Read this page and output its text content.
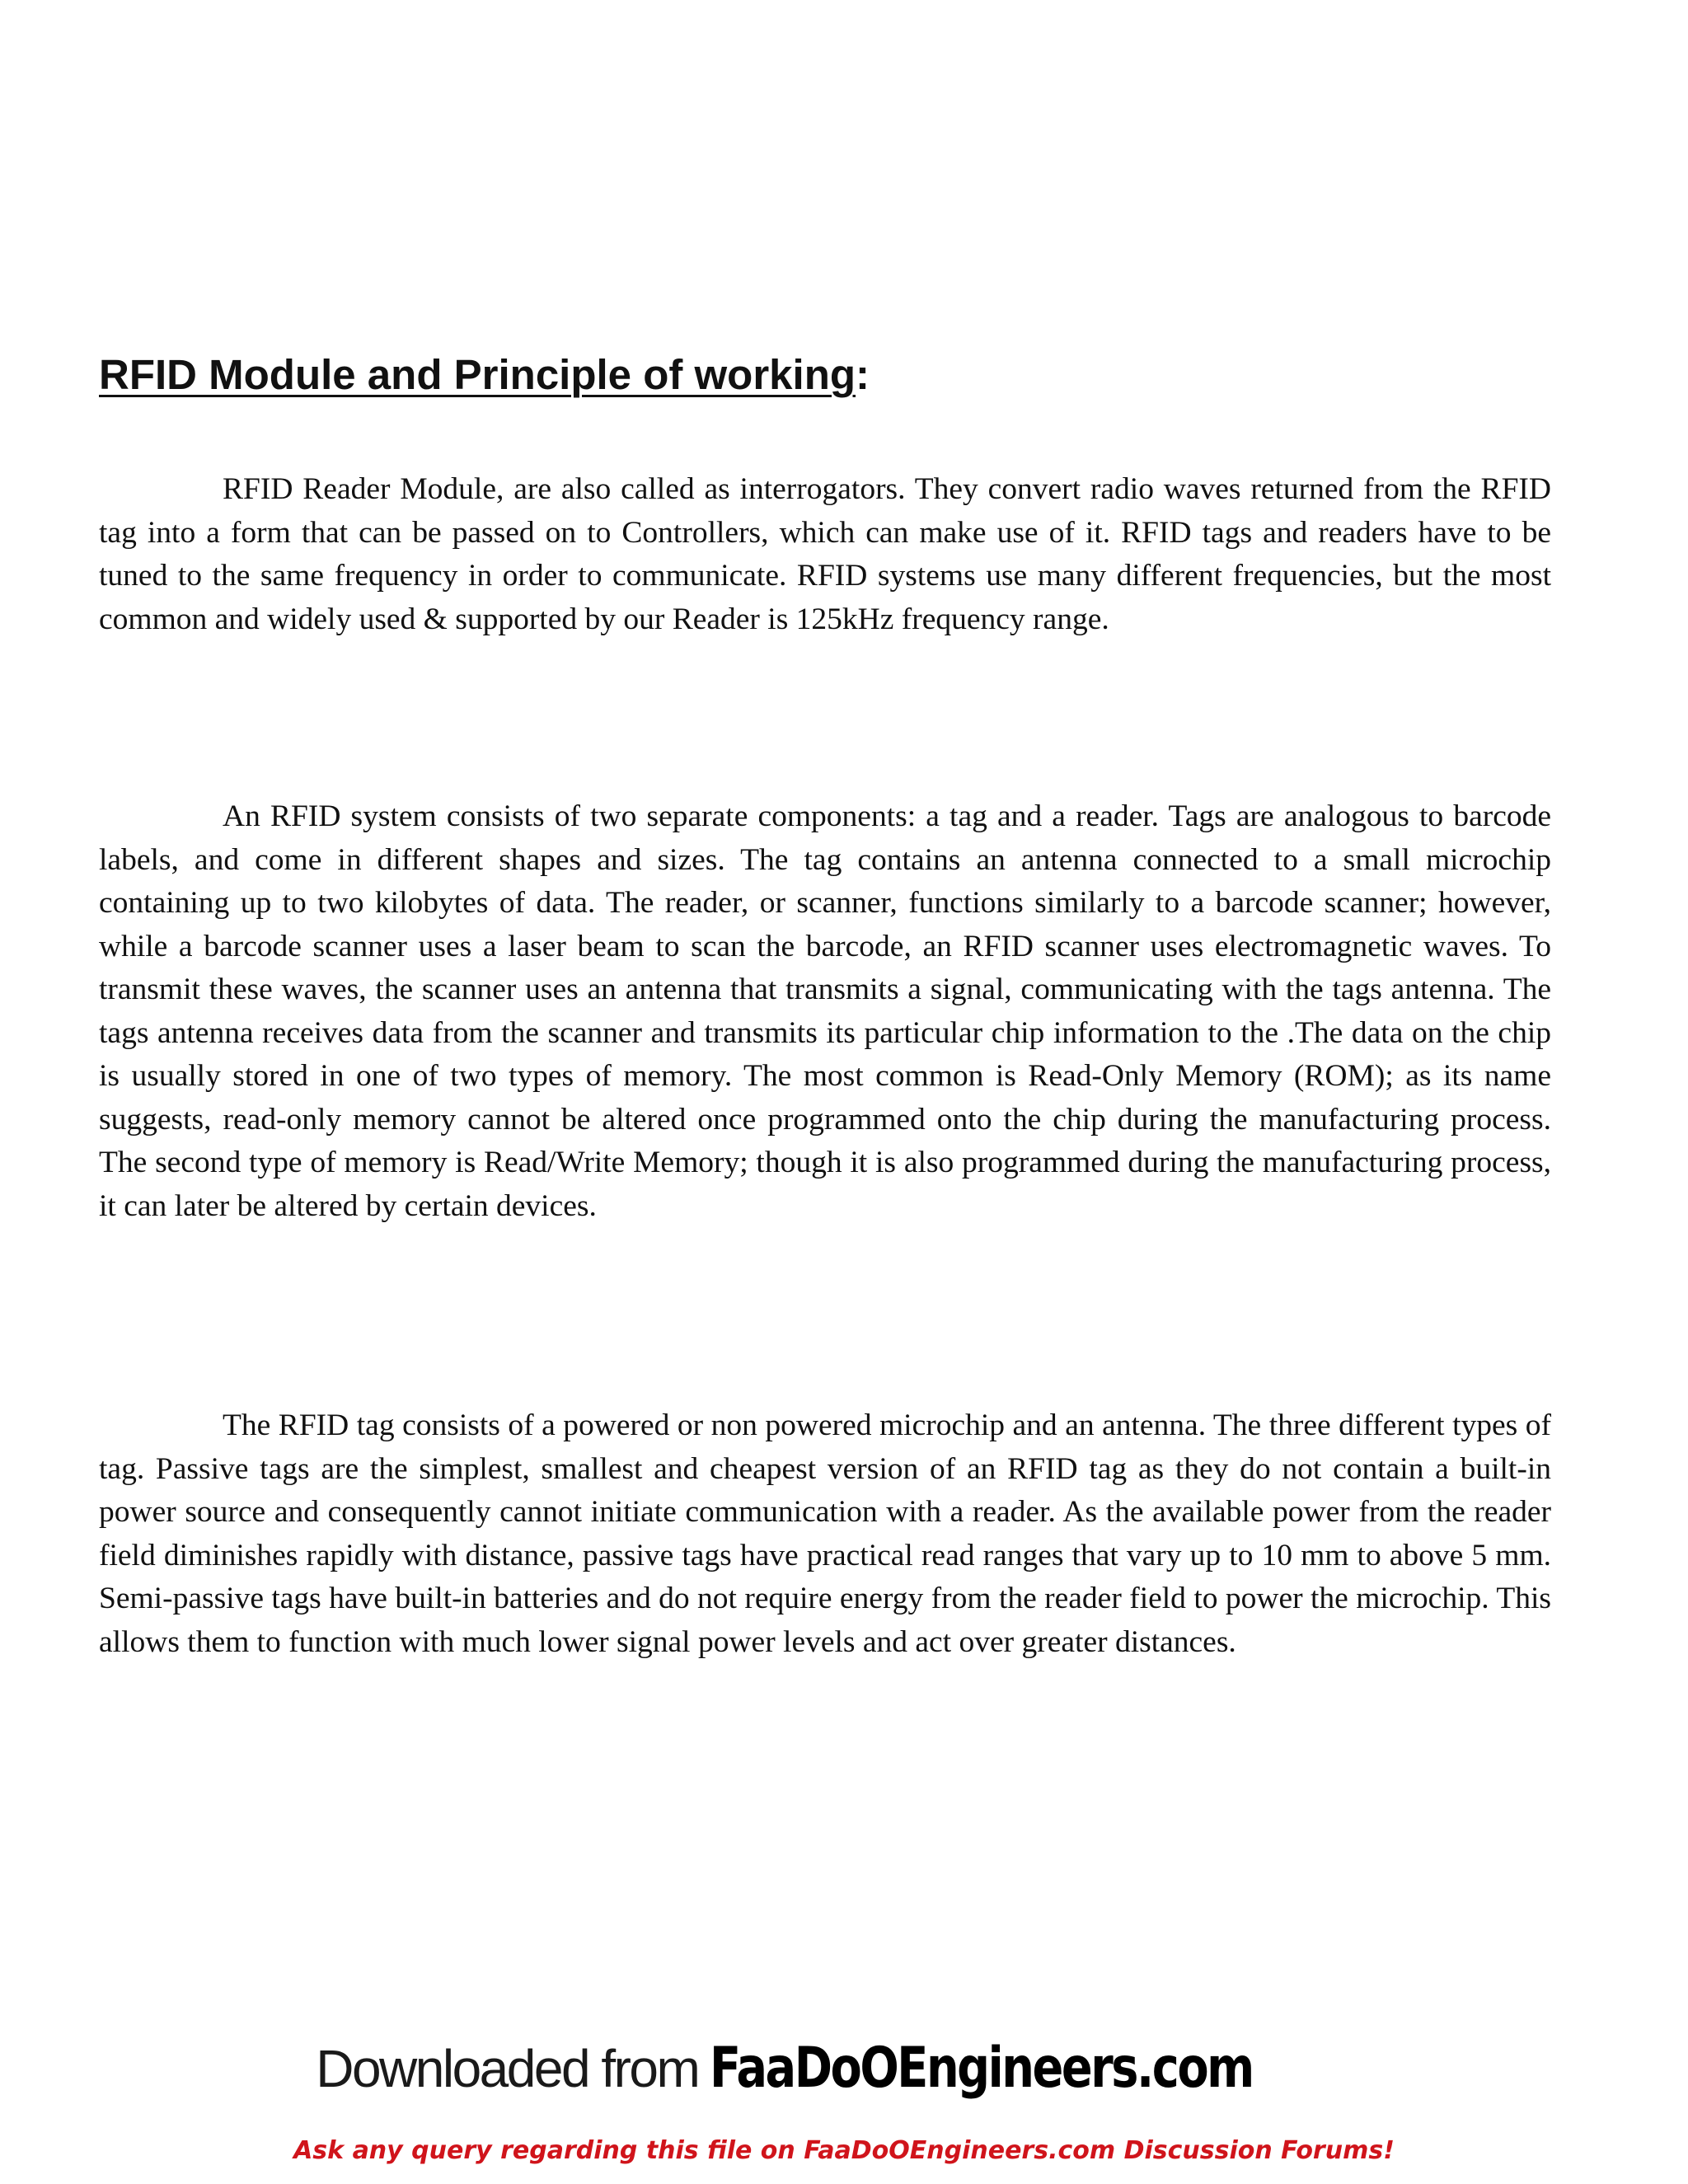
RFID Module and Principle of working:

RFID Reader Module, are also called as interrogators. They convert radio waves returned from the RFID tag into a form that can be passed on to Controllers, which can make use of it. RFID tags and readers have to be tuned to the same frequency in order to communicate. RFID systems use many different frequencies, but the most common and widely used & supported by our Reader is 125kHz frequency range.

An RFID system consists of two separate components: a tag and a reader. Tags are analogous to barcode labels, and come in different shapes and sizes. The tag contains an antenna connected to a small microchip containing up to two kilobytes of data. The reader, or scanner, functions similarly to a barcode scanner; however, while a barcode scanner uses a laser beam to scan the barcode, an RFID scanner uses electromagnetic waves. To transmit these waves, the scanner uses an antenna that transmits a signal, communicating with the tags antenna. The tags antenna receives data from the scanner and transmits its particular chip information to the .The data on the chip is usually stored in one of two types of memory. The most common is Read-Only Memory (ROM); as its name suggests, read-only memory cannot be altered once programmed onto the chip during the manufacturing process. The second type of memory is Read/Write Memory; though it is also programmed during the manufacturing process, it can later be altered by certain devices.

The RFID tag consists of a powered or non powered microchip and an antenna. The three different types of tag. Passive tags are the simplest, smallest and cheapest version of an RFID tag as they do not contain a built-in power source and consequently cannot initiate communication with a reader. As the available power from the reader field diminishes rapidly with distance, passive tags have practical read ranges that vary up to 10 mm to above 5 mm. Semi-passive tags have built-in batteries and do not require energy from the reader field to power the microchip. This allows them to function with much lower signal power levels and act over greater distances.

Downloaded from FaaDoOEngineers.com
Ask any query regarding this file on FaaDoOEngineers.com Discussion Forums!
